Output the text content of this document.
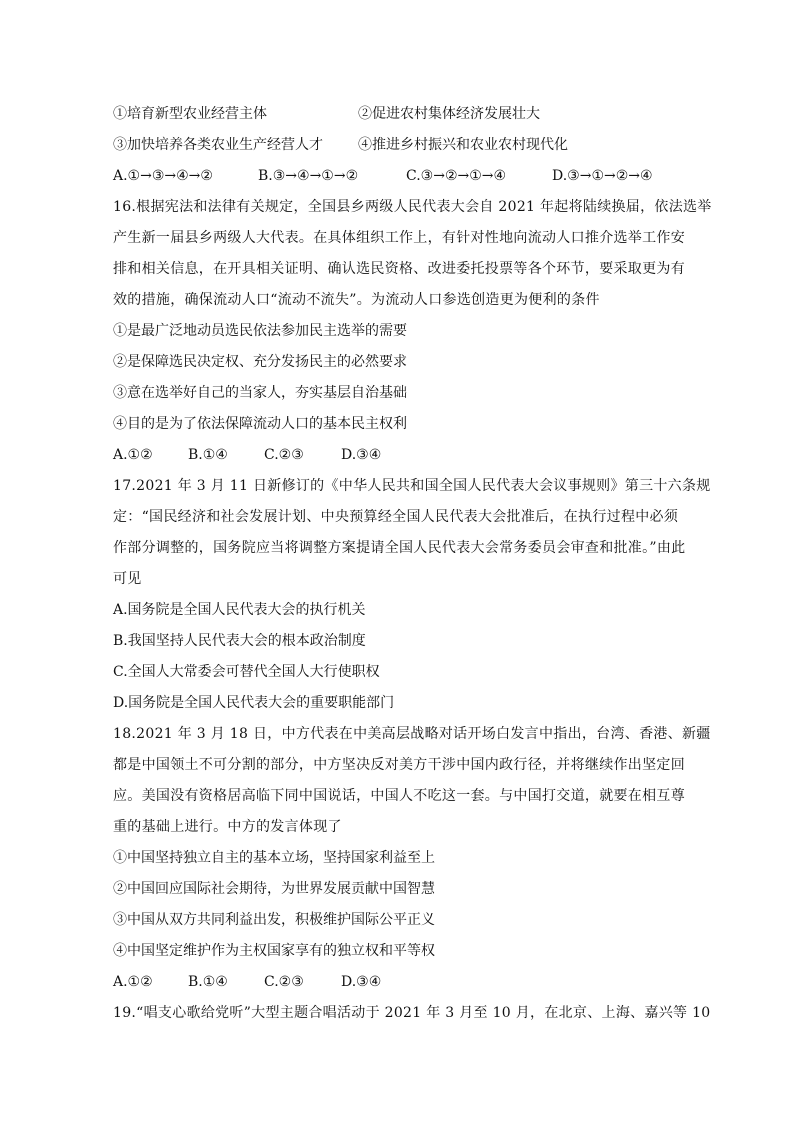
①培育新型农业经营主体	②促进农村集体经济发展壮大
③加快培养各类农业生产经营人才	④推进乡村振兴和农业农村现代化
A.①→③→④→②	B.③→④→①→②	C.③→②→①→④	D.③→①→②→④
16.根据宪法和法律有关规定，全国县乡两级人民代表大会自 2021 年起将陆续换届，依法选举
产生新一届县乡两级人大代表。在具体组织工作上，有针对性地向流动人口推介选举工作安
排和相关信息，在开具相关证明、确认选民资格、改进委托投票等各个环节，要采取更为有
效的措施，确保流动人口“流动不流失”。为流动人口参选创造更为便利的条件
①是最广泛地动员选民依法参加民主选举的需要
②是保障选民决定权、充分发扬民主的必然要求
③意在选举好自己的当家人，夯实基层自治基础
④目的是为了依法保障流动人口的基本民主权利
A.①②	B.①④	C.②③	D.③④
17.2021 年 3 月 11 日新修订的《中华人民共和国全国人民代表大会议事规则》第三十六条规
定：“国民经济和社会发展计划、中央预算经全国人民代表大会批准后，在执行过程中必须
作部分调整的，国务院应当将调整方案提请全国人民代表大会常务委员会审查和批准。”由此
可见
A.国务院是全国人民代表大会的执行机关
B.我国坚持人民代表大会的根本政治制度
C.全国人大常委会可替代全国人大行使职权
D.国务院是全国人民代表大会的重要职能部门
18.2021 年 3 月 18 日，中方代表在中美高层战略对话开场白发言中指出，台湾、香港、新疆
都是中国领土不可分割的部分，中方坚决反对美方干涉中国内政行径，并将继续作出坚定回
应。美国没有资格居高临下同中国说话，中国人不吃这一套。与中国打交道，就要在相互尊
重的基础上进行。中方的发言体现了
①中国坚持独立自主的基本立场，坚持国家利益至上
②中国回应国际社会期待，为世界发展贡献中国智慧
③中国从双方共同利益出发，积极维护国际公平正义
④中国坚定维护作为主权国家享有的独立权和平等权
A.①②	B.①④	C.②③	D.③④
19.“唱支心歌给党听”大型主题合唱活动于 2021 年 3 月至 10 月，在北京、上海、嘉兴等 10
